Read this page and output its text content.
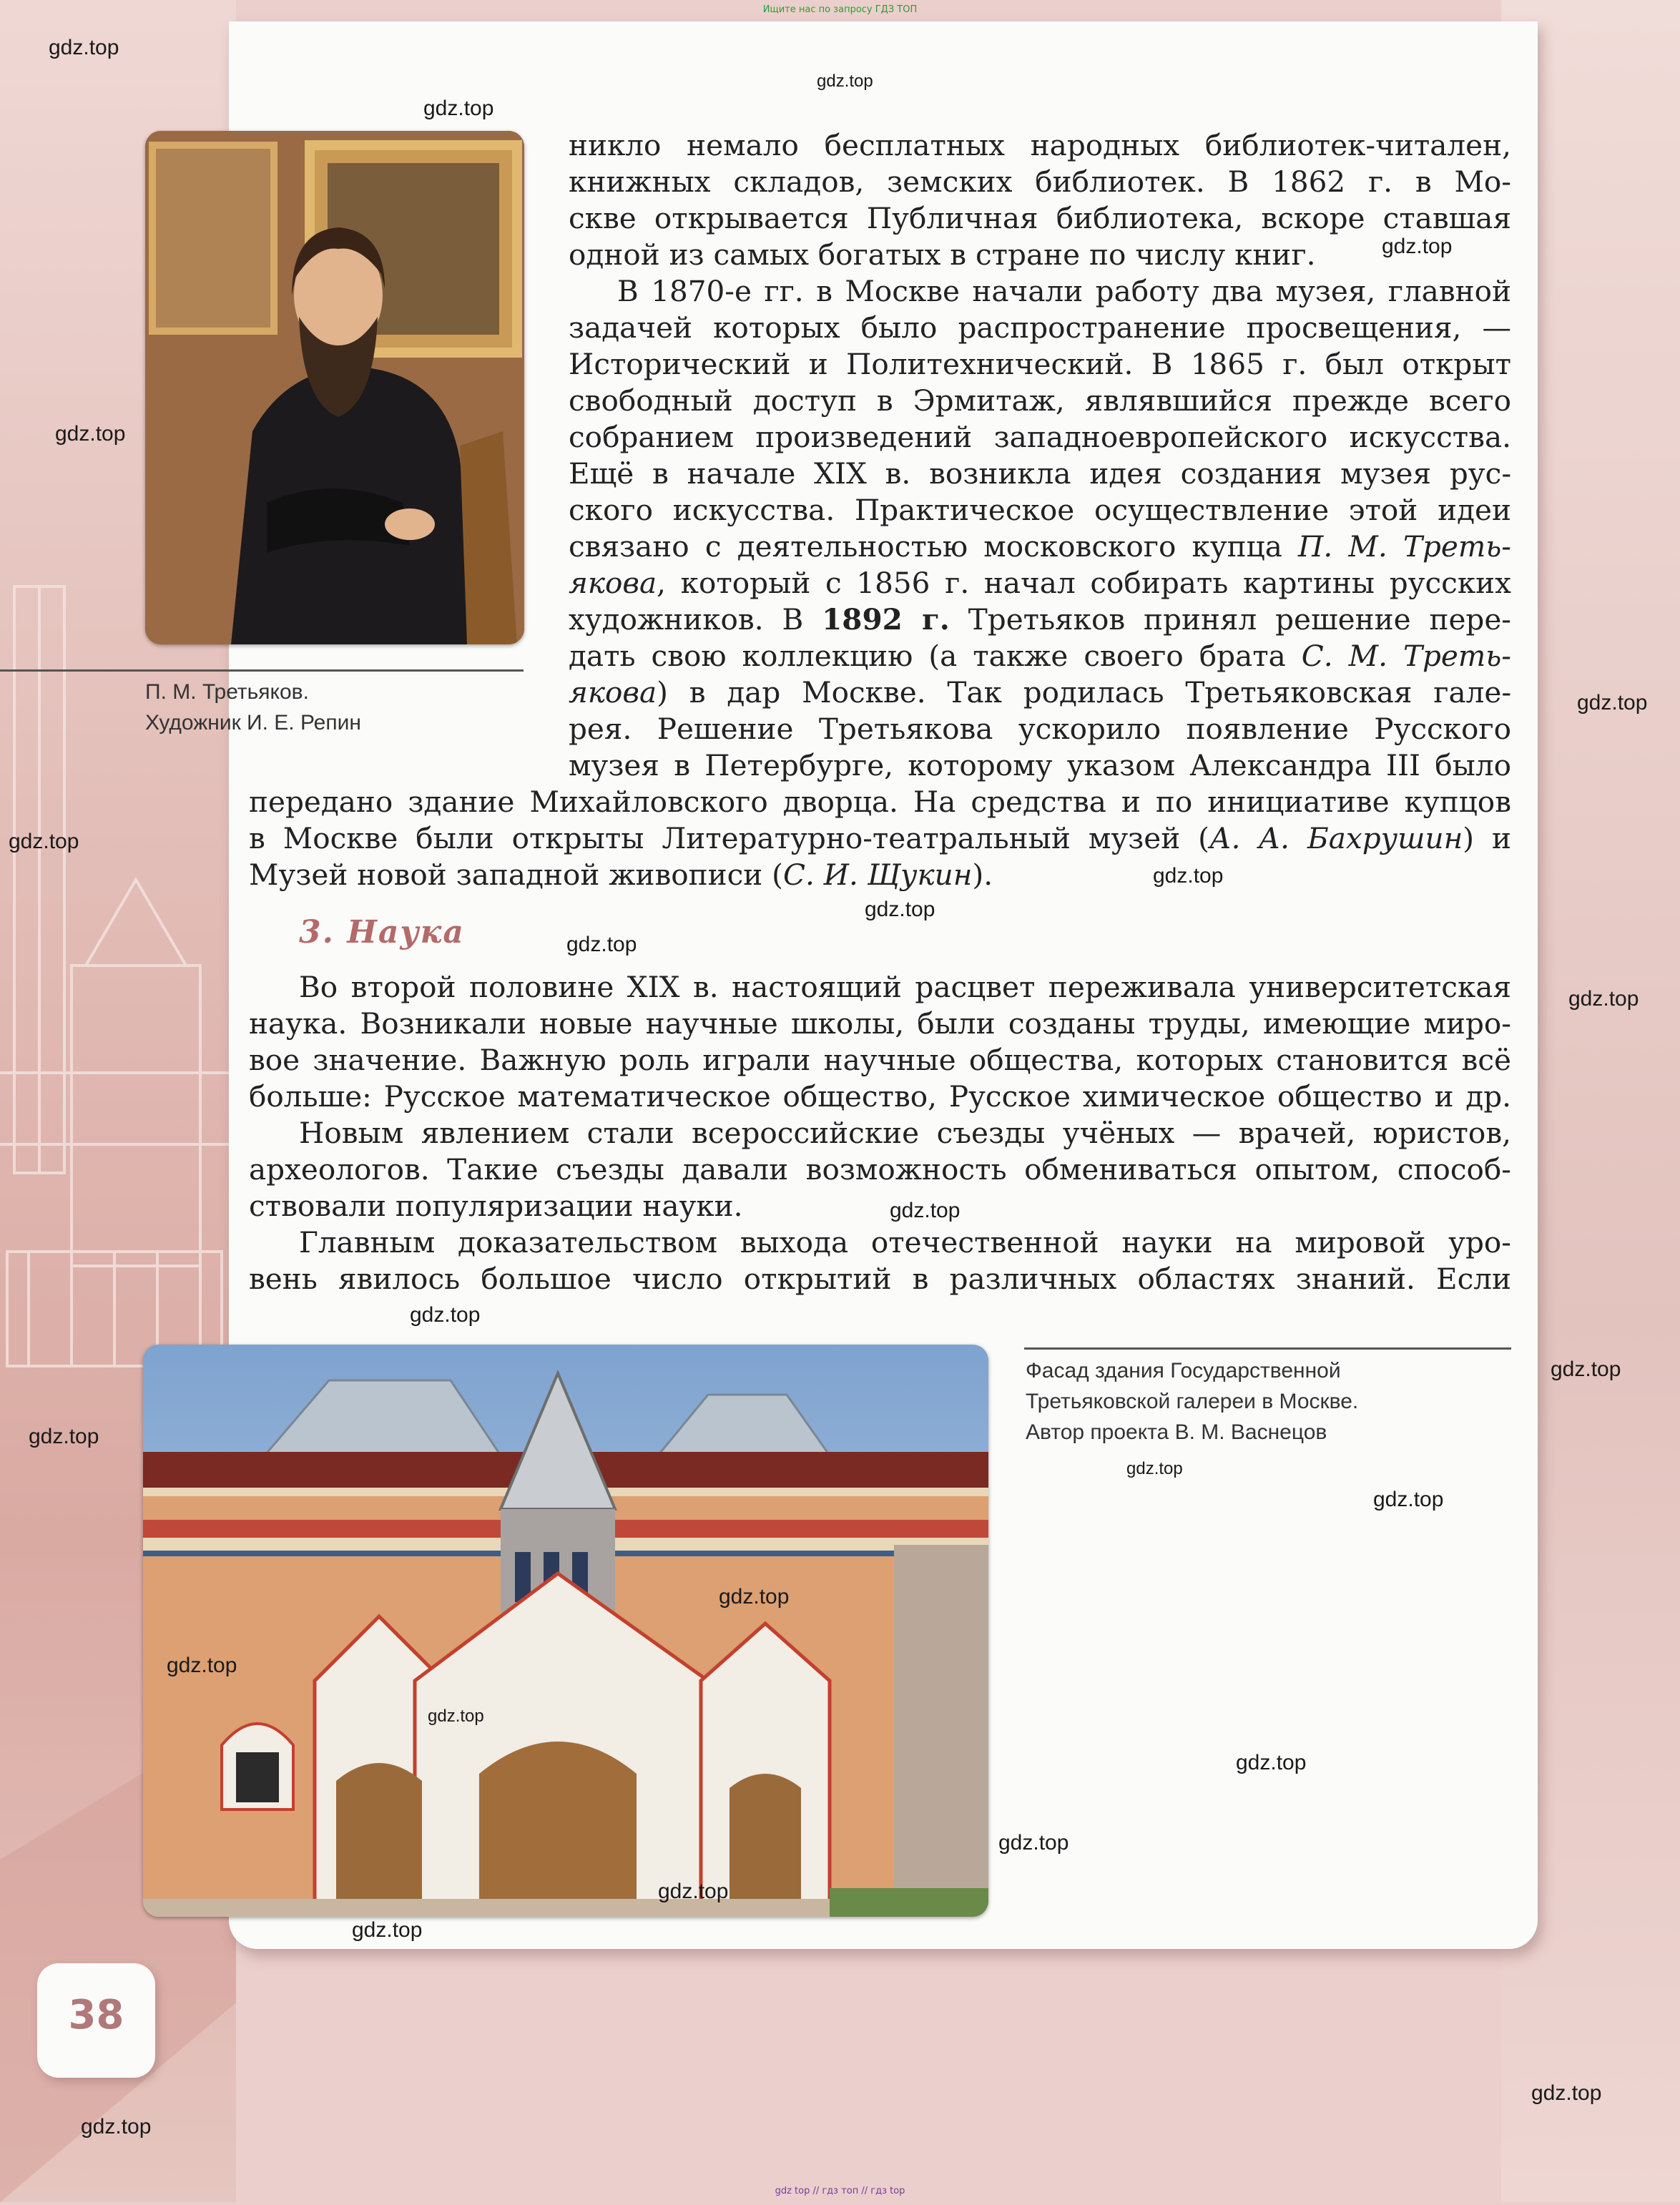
Ищите нас по запросу ГДЗ ТОП
П. М. Третьяков.
Художник И. Е. Репин
никло немало бесплатных народных библиотек-читален,
книжных складов, земских библиотек. В 1862 г. в Мо-
скве открывается Публичная библиотека, вскоре ставшая
одной из самых богатых в стране по числу книг.
В 1870-е гг. в Москве начали работу два музея, главной
задачей которых было распространение просвещения, —
Исторический и Политехнический. В 1865 г. был открыт
свободный доступ в Эрмитаж, являвшийся прежде всего
собранием произведений западноевропейского искусства.
Ещё в начале XIX в. возникла идея создания музея рус-
ского искусства. Практическое осуществление этой идеи
связано с деятельностью московского купца П. М. Треть-
якова, который с 1856 г. начал собирать картины русских
художников. В 1892 г. Третьяков принял решение пере-
дать свою коллекцию (а также своего брата С. М. Треть-
якова) в дар Москве. Так родилась Третьяковская гале-
рея. Решение Третьякова ускорило появление Русского
музея в Петербурге, которому указом Александра III было
передано здание Михайловского дворца. На средства и по инициативе купцов
в Москве были открыты Литературно-театральный музей (А. А. Бахрушин) и
Музей новой западной живописи (С. И. Щукин).
3. Наука
Во второй половине XIX в. настоящий расцвет переживала университетская
наука. Возникали новые научные школы, были созданы труды, имеющие миро-
вое значение. Важную роль играли научные общества, которых становится всё
больше: Русское математическое общество, Русское химическое общество и др.
Новым явлением стали всероссийские съезды учёных — врачей, юристов,
археологов. Такие съезды давали возможность обмениваться опытом, способ-
ствовали популяризации науки.
Главным доказательством выхода отечественной науки на мировой уро-
вень явилось большое число открытий в различных областях знаний. Если
Фасад здания Государственной
Третьяковской галереи в Москве.
Автор проекта В. М. Васнецов
38
gdz.top
gdz.top
gdz.top
gdz.top
gdz.top
gdz.top
gdz.top
gdz.top
gdz.top
gdz.top
gdz.top
gdz.top
gdz.top
gdz.top
gdz.top
gdz.top
gdz.top
gdz.top
gdz.top
gdz.top
gdz.top
gdz.top
gdz.top
gdz.top
gdz.top
gdz.top
gdz top // гдз топ // гдз top
